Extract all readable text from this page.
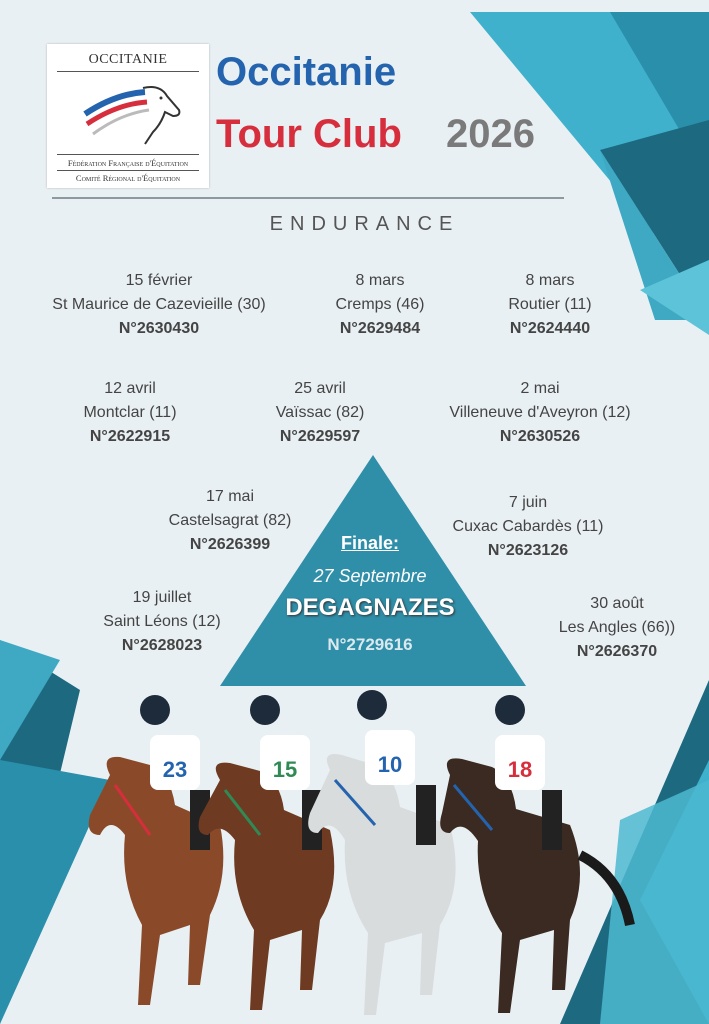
OCCITANIE
Fédération Française d'Équitation
Comité Régional d'Équitation
Occitanie
Tour Club 2026
ENDURANCE
15 février
St Maurice de Cazevieille (30)
N°2630430
8 mars
Cremps (46)
N°2629484
8 mars
Routier (11)
N°2624440
12 avril
Montclar (11)
N°2622915
25 avril
Vaïssac (82)
N°2629597
2 mai
Villeneuve d'Aveyron (12)
N°2630526
17 mai
Castelsagrat (82)
N°2626399
7 juin
Cuxac Cabardès (11)
N°2623126
19 juillet
Saint Léons (12)
N°2628023
30 août
Les Angles (66))
N°2626370
Finale:
27 Septembre
DEGAGNAZES
N°2729616
23	15	10	18
